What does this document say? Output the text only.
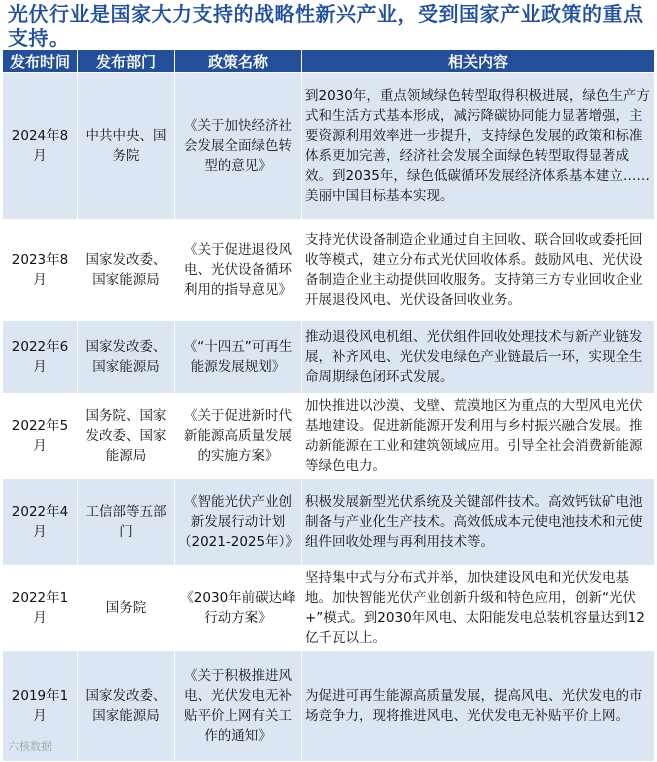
光伏行业是国家大力支持的战略性新兴产业，受到国家产业政策的重点支持。
发布时间	发布部门	政策名称	相关内容
2024年8月	中共中央、国务院	《关于加快经济社会发展全面绿色转型的意见》	到2030年，重点领域绿色转型取得积极进展，绿色生产方式和生活方式基本形成，减污降碳协同能力显著增强，主要资源利用效率进一步提升，支持绿色发展的政策和标准体系更加完善，经济社会发展全面绿色转型取得显著成效。到2035年，绿色低碳循环发展经济体系基本建立……美丽中国目标基本实现。
2023年8月	国家发改委、国家能源局	《关于促进退役风电、光伏设备循环利用的指导意见》	支持光伏设备制造企业通过自主回收、联合回收或委托回收等模式，建立分布式光伏回收体系。鼓励风电、光伏设备制造企业主动提供回收服务。支持第三方专业回收企业开展退役风电、光伏设备回收业务。
2022年6月	国家发改委、国家能源局	《“十四五”可再生能源发展规划》	推动退役风电机组、光伏组件回收处理技术与新产业链发展，补齐风电、光伏发电绿色产业链最后一环，实现全生命周期绿色闭环式发展。
2022年5月	国务院、国家发改委、国家能源局	《关于促进新时代新能源高质量发展的实施方案》	加快推进以沙漠、戈壁、荒漠地区为重点的大型风电光伏基地建设。促进新能源开发利用与乡村振兴融合发展。推动新能源在工业和建筑领域应用。引导全社会消费新能源等绿色电力。
2022年4月	工信部等五部门	《智能光伏产业创新发展行动计划（2021-2025年）》	积极发展新型光伏系统及关键部件技术。高效钙钛矿电池制备与产业化生产技术。高效低成本元使电池技术和元使组件回收处理与再利用技术等。
2022年1月	国务院	《2030年前碳达峰行动方案》	坚持集中式与分布式并举，加快建设风电和光伏发电基地。加快智能光伏产业创新升级和特色应用，创新“光伏+”模式。到2030年风电、太阳能发电总装机容量达到12亿千瓦以上。
2019年1月	国家发改委、国家能源局	《关于积极推进风电、光伏发电无补贴平价上网有关工作的通知》	为促进可再生能源高质量发展，提高风电、光伏发电的市场竞争力，现将推进风电、光伏发电无补贴平价上网。
六核数据
